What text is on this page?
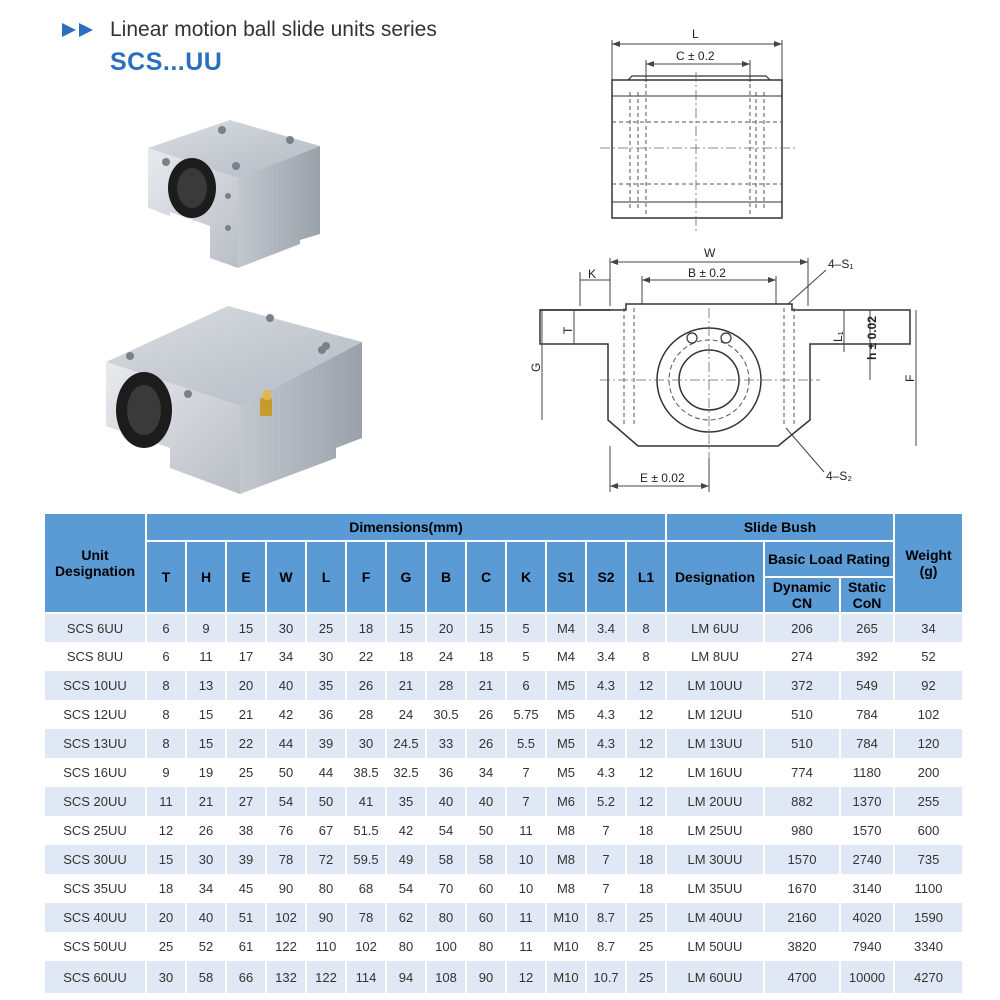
Linear motion ball slide units series
SCS...UU
L
C ± 0.2
W
B ± 0.2
K
4–S₁
T
G
L₁ h ± 0.02
F
E ± 0.02	4–S₂
Unit Designation	Dimensions(mm)													Slide Bush			Weight (g)
	T	H	E	W	L	F	G	B	C	K	S1	S2	L1	Designation	Basic Load Rating		
															Dynamic CN	Static CoN	
SCS 6UU	6	9	15	30	25	18	15	20	15	5	M4	3.4	8	LM 6UU	206	265	34
SCS 8UU	6	11	17	34	30	22	18	24	18	5	M4	3.4	8	LM 8UU	274	392	52
SCS 10UU	8	13	20	40	35	26	21	28	21	6	M5	4.3	12	LM 10UU	372	549	92
SCS 12UU	8	15	21	42	36	28	24	30.5	26	5.75	M5	4.3	12	LM 12UU	510	784	102
SCS 13UU	8	15	22	44	39	30	24.5	33	26	5.5	M5	4.3	12	LM 13UU	510	784	120
SCS 16UU	9	19	25	50	44	38.5	32.5	36	34	7	M5	4.3	12	LM 16UU	774	1180	200
SCS 20UU	11	21	27	54	50	41	35	40	40	7	M6	5.2	12	LM 20UU	882	1370	255
SCS 25UU	12	26	38	76	67	51.5	42	54	50	11	M8	7	18	LM 25UU	980	1570	600
SCS 30UU	15	30	39	78	72	59.5	49	58	58	10	M8	7	18	LM 30UU	1570	2740	735
SCS 35UU	18	34	45	90	80	68	54	70	60	10	M8	7	18	LM 35UU	1670	3140	1100
SCS 40UU	20	40	51	102	90	78	62	80	60	11	M10	8.7	25	LM 40UU	2160	4020	1590
SCS 50UU	25	52	61	122	110	102	80	100	80	11	M10	8.7	25	LM 50UU	3820	7940	3340
SCS 60UU	30	58	66	132	122	114	94	108	90	12	M10	10.7	25	LM 60UU	4700	10000	4270
